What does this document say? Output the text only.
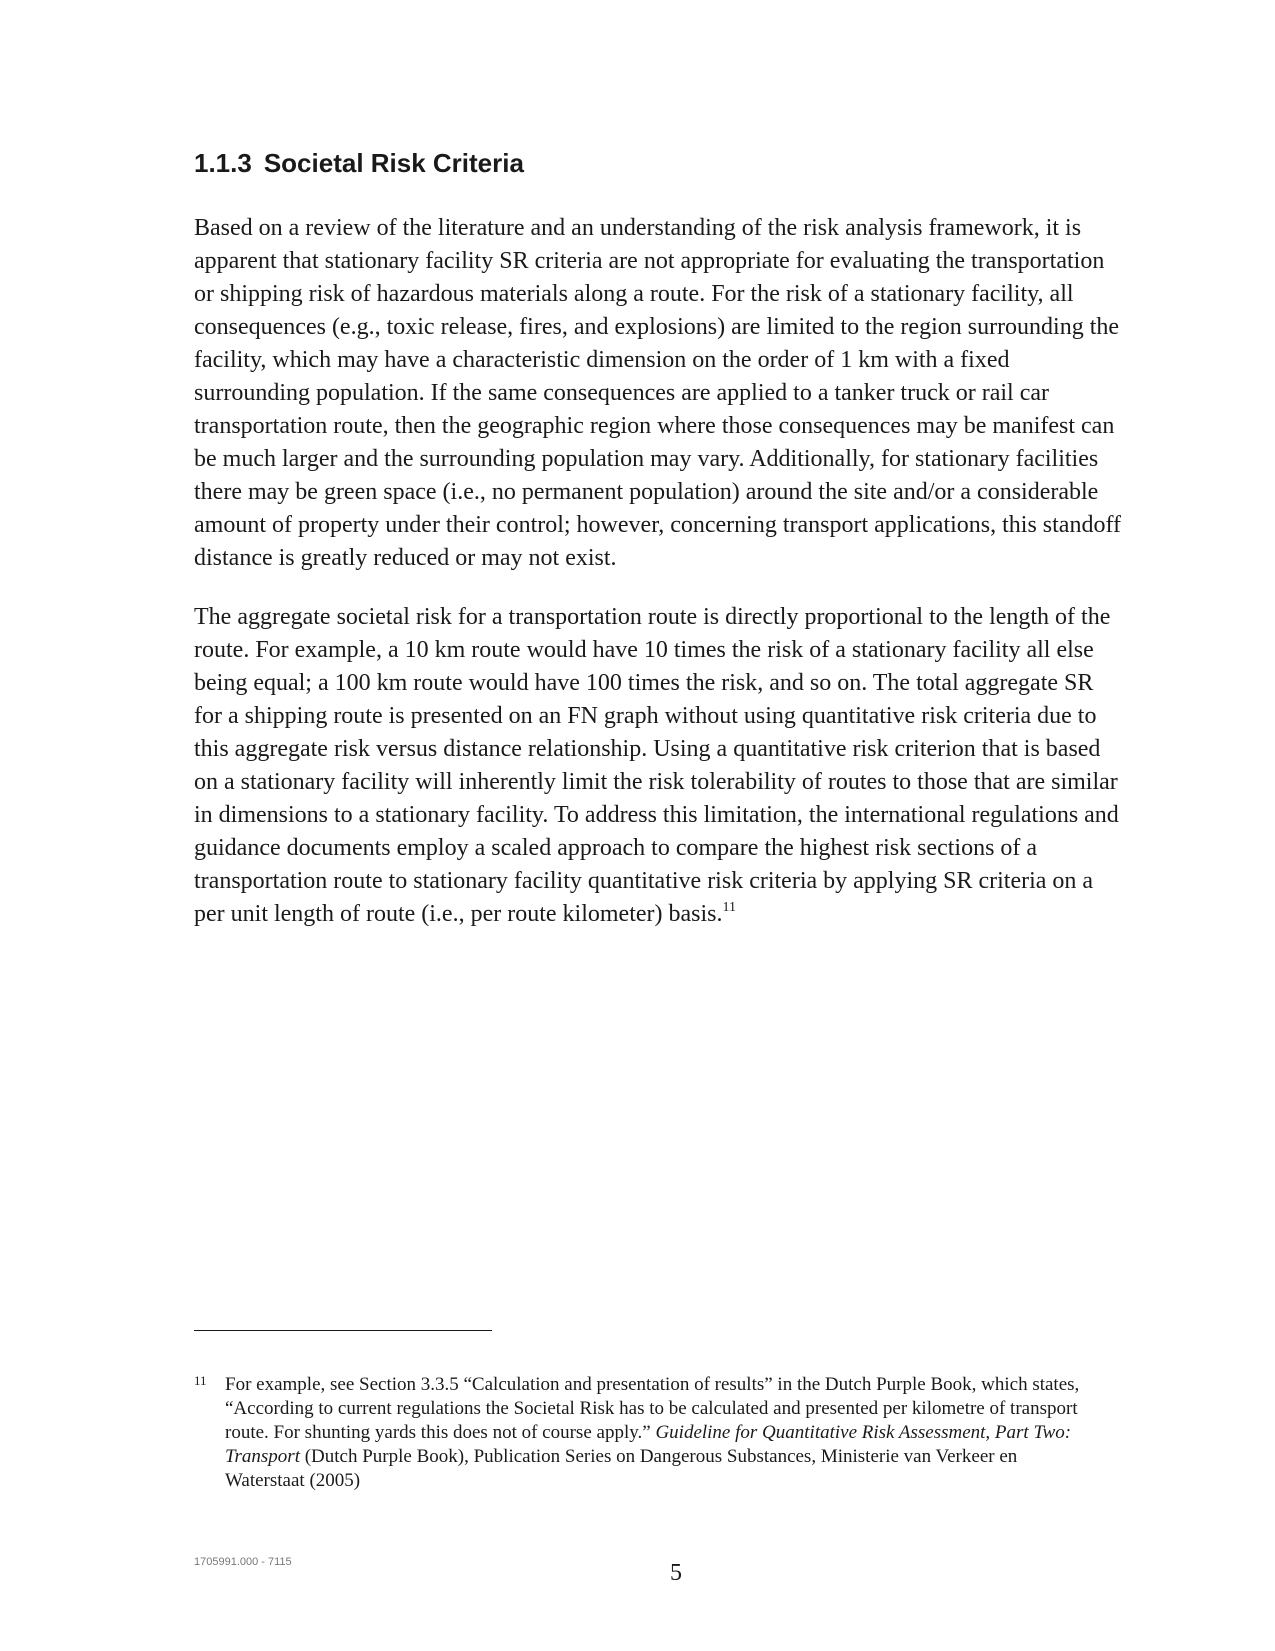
1.1.3 Societal Risk Criteria

Based on a review of the literature and an understanding of the risk analysis framework, it is
apparent that stationary facility SR criteria are not appropriate for evaluating the transportation
or shipping risk of hazardous materials along a route. For the risk of a stationary facility, all
consequences (e.g., toxic release, fires, and explosions) are limited to the region surrounding the
facility, which may have a characteristic dimension on the order of 1 km with a fixed
surrounding population. If the same consequences are applied to a tanker truck or rail car
transportation route, then the geographic region where those consequences may be manifest can
be much larger and the surrounding population may vary. Additionally, for stationary facilities
there may be green space (i.e., no permanent population) around the site and/or a considerable
amount of property under their control; however, concerning transport applications, this standoff
distance is greatly reduced or may not exist.

The aggregate societal risk for a transportation route is directly proportional to the length of the
route. For example, a 10 km route would have 10 times the risk of a stationary facility all else
being equal; a 100 km route would have 100 times the risk, and so on. The total aggregate SR
for a shipping route is presented on an FN graph without using quantitative risk criteria due to
this aggregate risk versus distance relationship. Using a quantitative risk criterion that is based
on a stationary facility will inherently limit the risk tolerability of routes to those that are similar
in dimensions to a stationary facility. To address this limitation, the international regulations and
guidance documents employ a scaled approach to compare the highest risk sections of a
transportation route to stationary facility quantitative risk criteria by applying SR criteria on a
per unit length of route (i.e., per route kilometer) basis.$^{11}$

11 For example, see Section 3.3.5 “Calculation and presentation of results” in the Dutch Purple Book, which states,
“According to current regulations the Societal Risk has to be calculated and presented per kilometre of transport
route. For shunting yards this does not of course apply.” Guideline for Quantitative Risk Assessment, Part Two:
Transport (Dutch Purple Book), Publication Series on Dangerous Substances, Ministerie van Verkeer en
Waterstaat (2005)
1705991.000 - 7115	5
